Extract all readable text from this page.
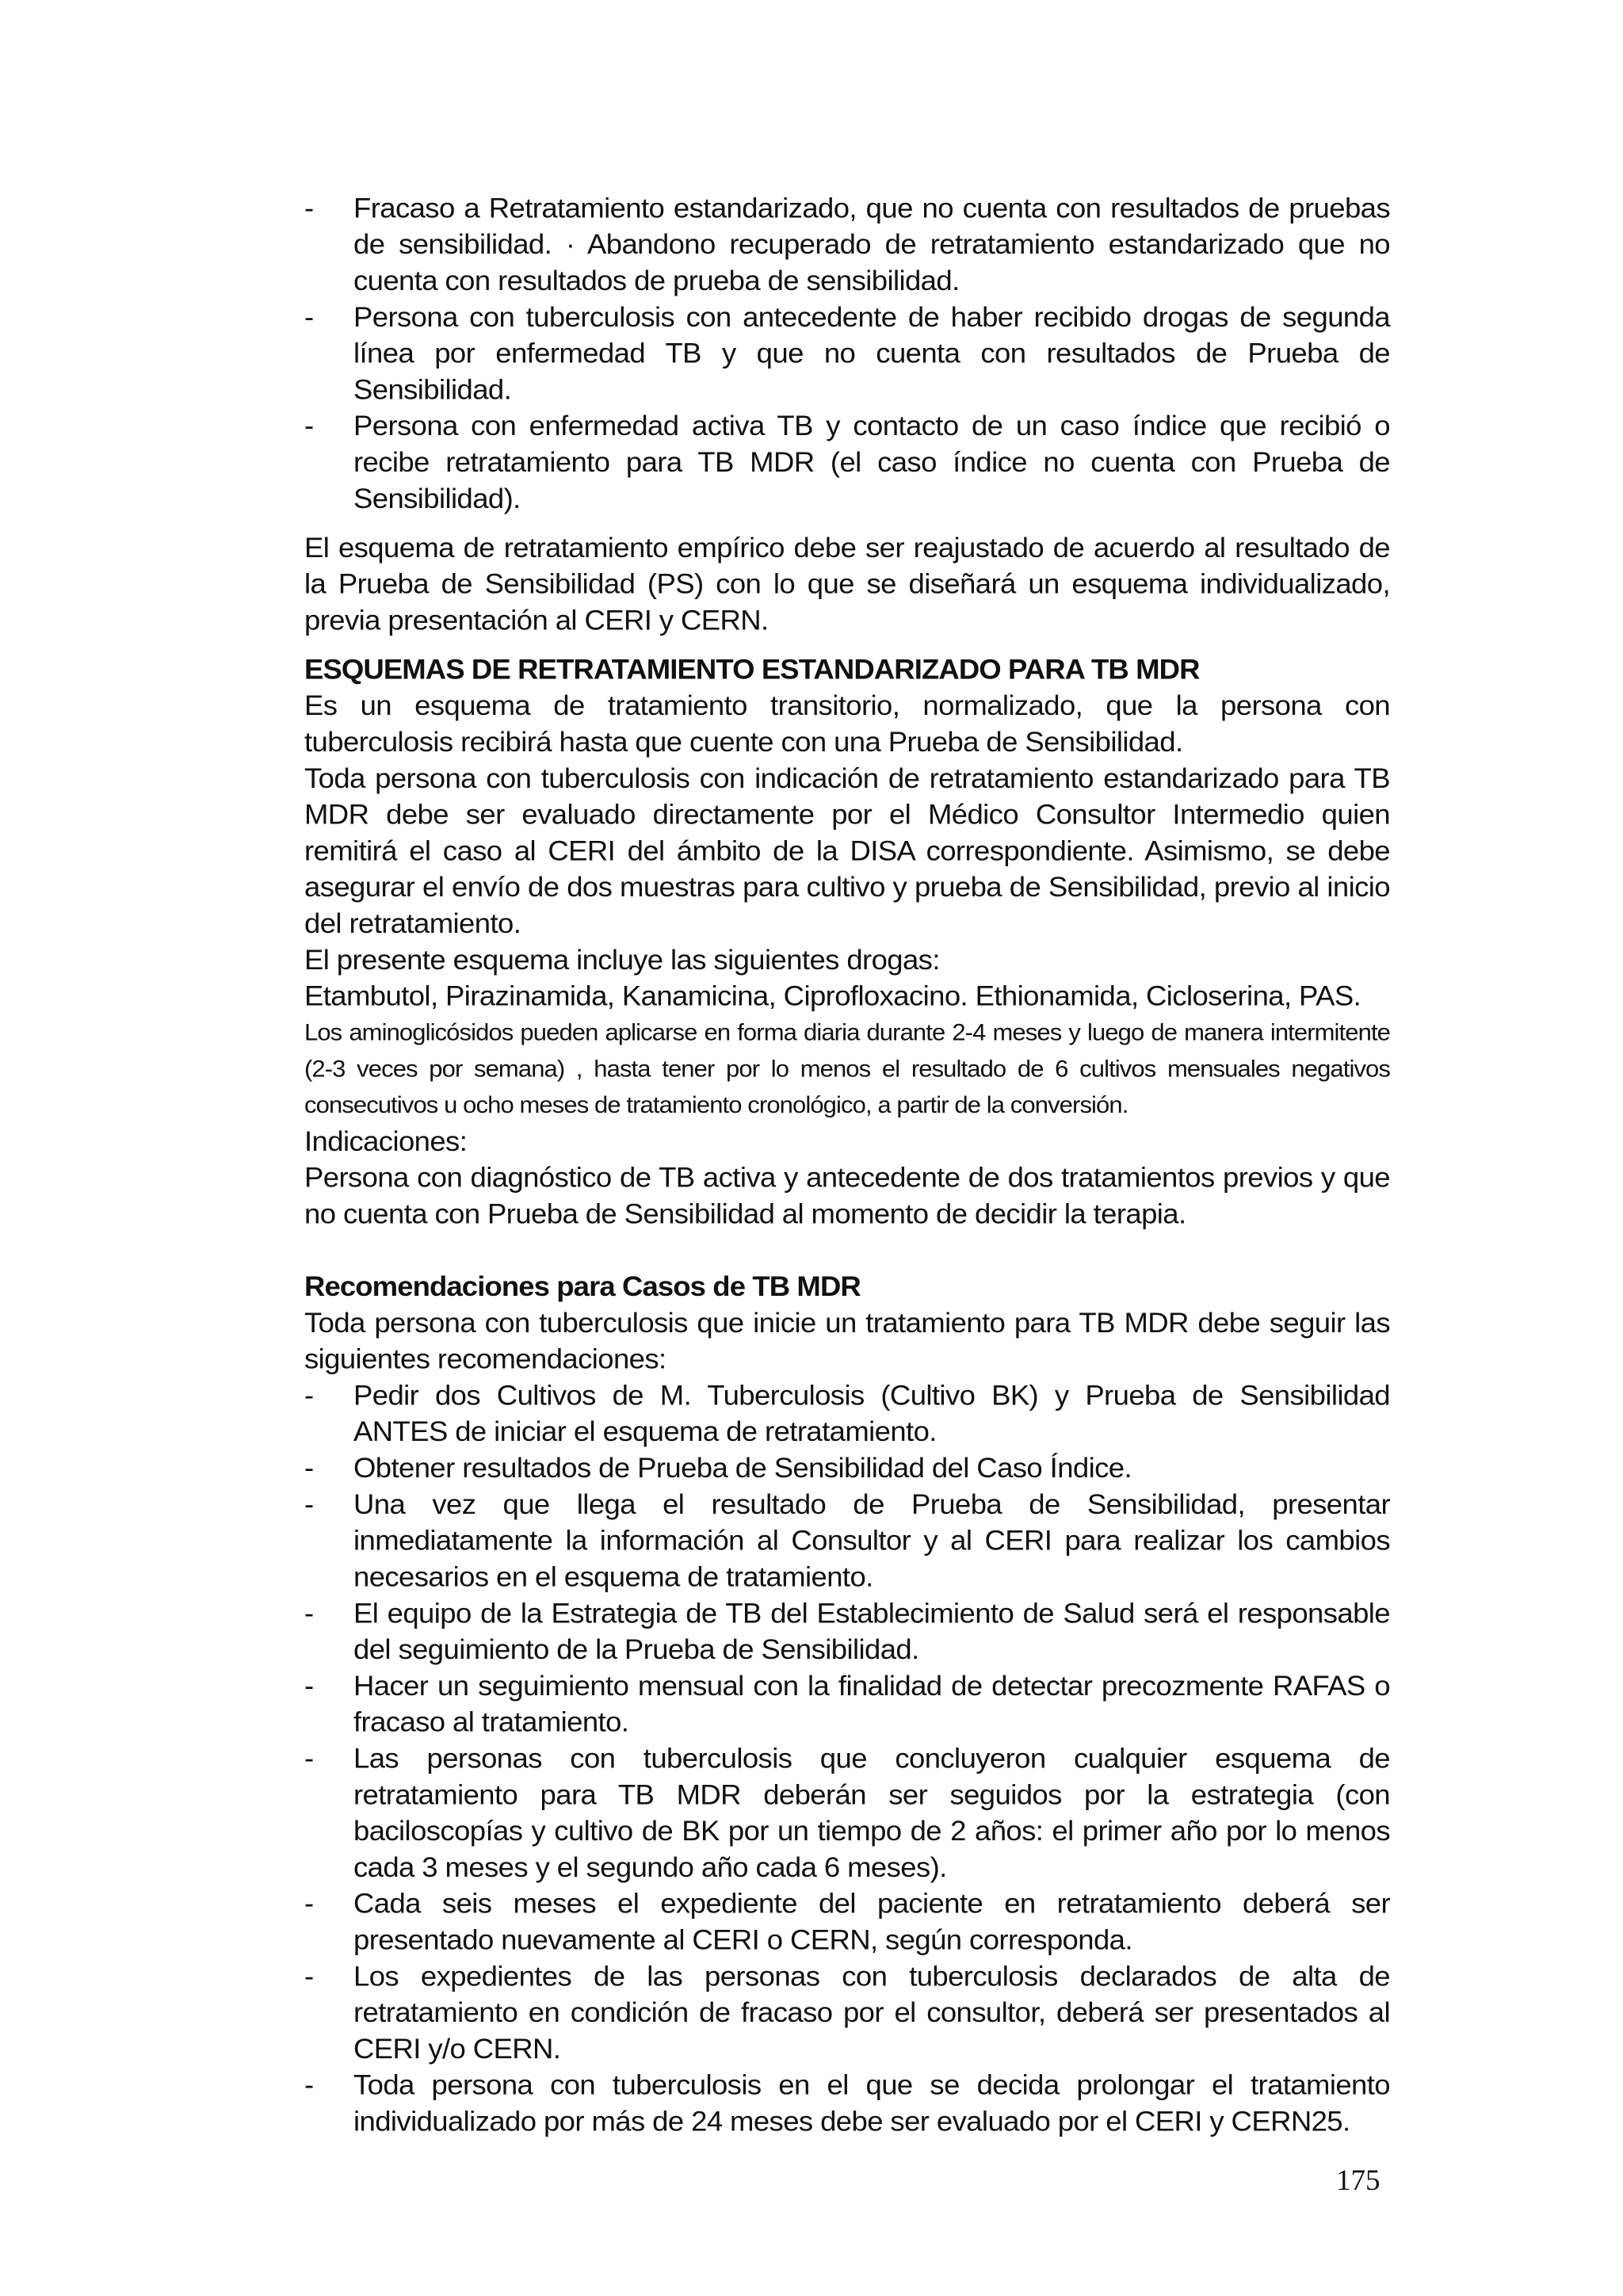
- Fracaso a Retratamiento estandarizado, que no cuenta con resultados de pruebas de sensibilidad. · Abandono recuperado de retratamiento estandarizado que no cuenta con resultados de prueba de sensibilidad.
- Persona con tuberculosis con antecedente de haber recibido drogas de segunda línea por enfermedad TB y que no cuenta con resultados de Prueba de Sensibilidad.
- Persona con enfermedad activa TB y contacto de un caso índice que recibió o recibe retratamiento para TB MDR (el caso índice no cuenta con Prueba de Sensibilidad).

El esquema de retratamiento empírico debe ser reajustado de acuerdo al resultado de la Prueba de Sensibilidad (PS) con lo que se diseñará un esquema individualizado, previa presentación al CERI y CERN.

ESQUEMAS DE RETRATAMIENTO ESTANDARIZADO PARA TB MDR

Es un esquema de tratamiento transitorio, normalizado, que la persona con tuberculosis recibirá hasta que cuente con una Prueba de Sensibilidad.

Toda persona con tuberculosis con indicación de retratamiento estandarizado para TB MDR debe ser evaluado directamente por el Médico Consultor Intermedio quien remitirá el caso al CERI del ámbito de la DISA correspondiente. Asimismo, se debe asegurar el envío de dos muestras para cultivo y prueba de Sensibilidad, previo al inicio del retratamiento.

El presente esquema incluye las siguientes drogas:

Etambutol, Pirazinamida, Kanamicina, Ciprofloxacino. Ethionamida, Cicloserina, PAS.

Los aminoglicósidos pueden aplicarse en forma diaria durante 2-4 meses y luego de manera intermitente (2-3 veces por semana) , hasta tener por lo menos el resultado de 6 cultivos mensuales negativos consecutivos u ocho meses de tratamiento cronológico, a partir de la conversión.

Indicaciones:

Persona con diagnóstico de TB activa y antecedente de dos tratamientos previos y que no cuenta con Prueba de Sensibilidad al momento de decidir la terapia.

Recomendaciones para Casos de TB MDR

Toda persona con tuberculosis que inicie un tratamiento para TB MDR debe seguir las siguientes recomendaciones:

- Pedir dos Cultivos de M. Tuberculosis (Cultivo BK) y Prueba de Sensibilidad ANTES de iniciar el esquema de retratamiento.
- Obtener resultados de Prueba de Sensibilidad del Caso Índice.
- Una vez que llega el resultado de Prueba de Sensibilidad, presentar inmediatamente la información al Consultor y al CERI para realizar los cambios necesarios en el esquema de tratamiento.
- El equipo de la Estrategia de TB del Establecimiento de Salud será el responsable del seguimiento de la Prueba de Sensibilidad.
- Hacer un seguimiento mensual con la finalidad de detectar precozmente RAFAS o fracaso al tratamiento.
- Las personas con tuberculosis que concluyeron cualquier esquema de retratamiento para TB MDR deberán ser seguidos por la estrategia (con baciloscopías y cultivo de BK por un tiempo de 2 años: el primer año por lo menos cada 3 meses y el segundo año cada 6 meses).
- Cada seis meses el expediente del paciente en retratamiento deberá ser presentado nuevamente al CERI o CERN, según corresponda.
- Los expedientes de las personas con tuberculosis declarados de alta de retratamiento en condición de fracaso por el consultor, deberá ser presentados al CERI y/o CERN.
- Toda persona con tuberculosis en el que se decida prolongar el tratamiento individualizado por más de 24 meses debe ser evaluado por el CERI y CERN25.
175
